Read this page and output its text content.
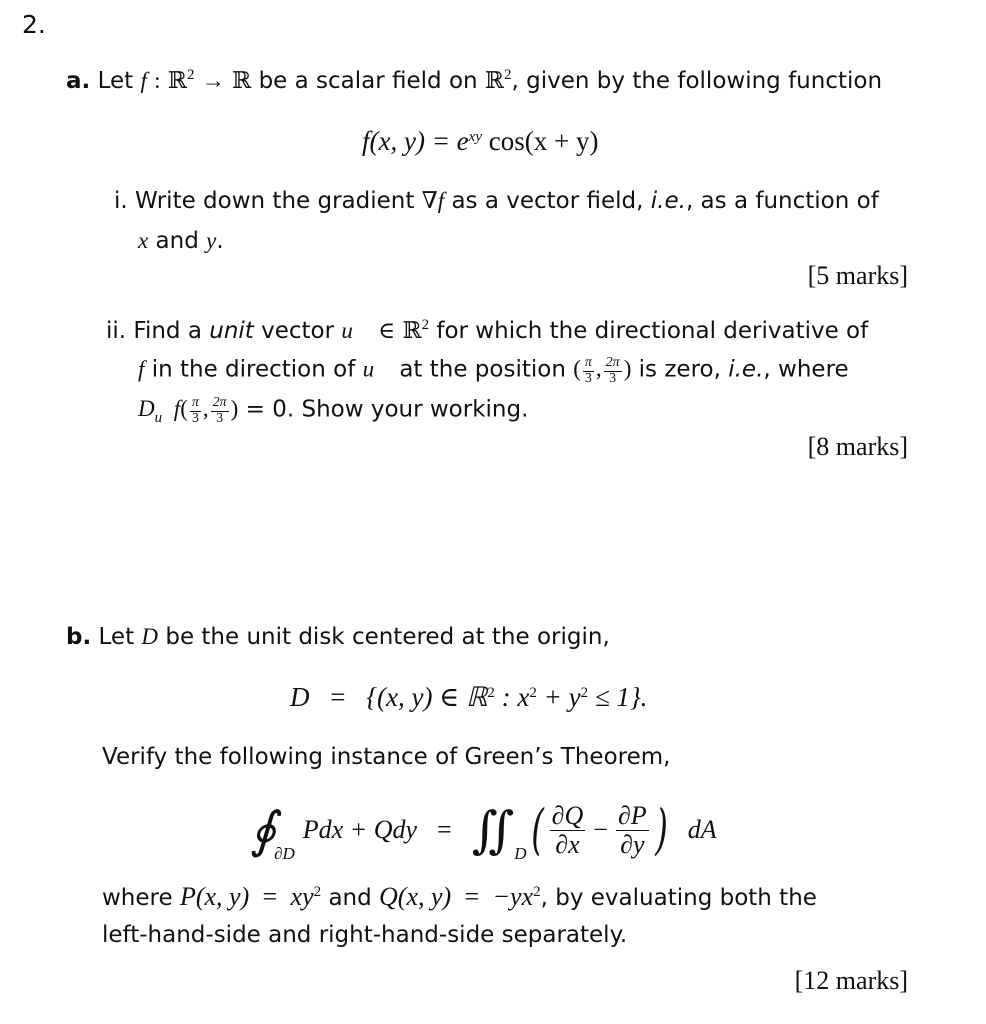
2.
a. Let f : ℝ$^2$ → ℝ be a scalar field on ℝ$^2$, given by the following function
f(x, $y) = e^{xy}$ cos(x + y)
i. Write down the gradient ∇f as a vector field, i.e., as a function of
x and y.
[5 marks]
ii. Find a unit vector u⃗ ∈ ℝ$^2$ for which the directional derivative of
f in the direction of u⃗ at the position ( $\frac{\pi}{3}$ , $\frac{2\pi}{3}$ ) is zero, i.e., where
$D_{u⃗}f( \frac{\pi}{3}$ , $\frac{2\pi}{3}$ ) = 0. Show your working.
[8 marks]
b. Let D be the unit disk centered at the origin,
D = {(x, y) ∈ ℝ$^2$ : $x^2 + y^2 \le 1$}.
Verify the following instance of Green’s Theorem,
∮
∂D
Pdx + Qdy = ∬ D ( $\frac{\partial Q}{\partial x} - \frac{\partial P}{\partial y}$ ) dA
where P(x, $y) = xy^2$ and Q(x, $y) = -yx^2$, by evaluating both the
left-hand-side and right-hand-side separately.
[12 marks]
